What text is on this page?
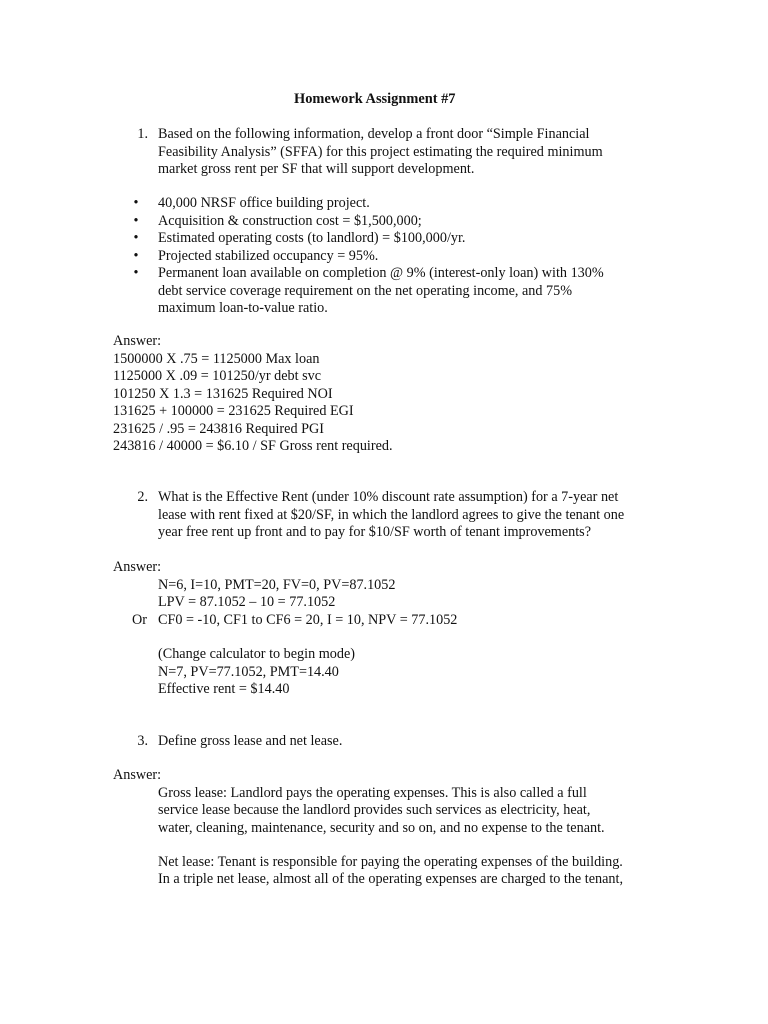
Homework Assignment #7
1. Based on the following information, develop a front door “Simple Financial
Feasibility Analysis” (SFFA) for this project estimating the required minimum
market gross rent per SF that will support development.
• 40,000 NRSF office building project.
• Acquisition & construction cost = $1,500,000;
• Estimated operating costs (to landlord) = $100,000/yr.
• Projected stabilized occupancy = 95%.
• Permanent loan available on completion @ 9% (interest-only loan) with 130%
debt service coverage requirement on the net operating income, and 75%
maximum loan-to-value ratio.
Answer:
1500000 X .75 = 1125000 Max loan
1125000 X .09 = 101250/yr debt svc
101250 X 1.3 = 131625 Required NOI
131625 + 100000 = 231625 Required EGI
231625 / .95 = 243816 Required PGI
243816 / 40000 = $6.10 / SF Gross rent required.
2. What is the Effective Rent (under 10% discount rate assumption) for a 7-year net
lease with rent fixed at $20/SF, in which the landlord agrees to give the tenant one
year free rent up front and to pay for $10/SF worth of tenant improvements?
Answer:
N=6, I=10, PMT=20, FV=0, PV=87.1052
LPV = 87.1052 – 10 = 77.1052
Or CF0 = -10, CF1 to CF6 = 20, I = 10, NPV = 77.1052
(Change calculator to begin mode)
N=7, PV=77.1052, PMT=14.40
Effective rent = $14.40
3. Define gross lease and net lease.
Answer:
Gross lease: Landlord pays the operating expenses. This is also called a full
service lease because the landlord provides such services as electricity, heat,
water, cleaning, maintenance, security and so on, and no expense to the tenant.
Net lease: Tenant is responsible for paying the operating expenses of the building.
In a triple net lease, almost all of the operating expenses are charged to the tenant,
